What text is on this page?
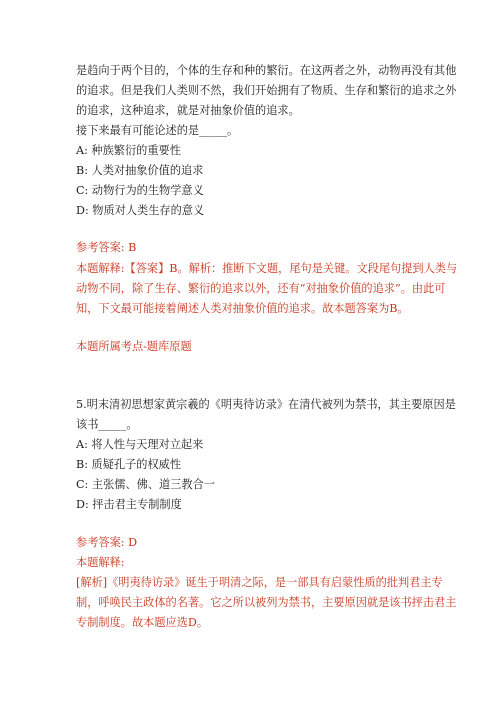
是趋向于两个目的，个体的生存和种的繁衍。在这两者之外，动物再没有其他
的追求。但是我们人类则不然，我们开始拥有了物质、生存和繁衍的追求之外
的追求，这种追求，就是对抽象价值的追求。
接下来最有可能论述的是_____。
A: 种族繁衍的重要性
B: 人类对抽象价值的追求
C: 动物行为的生物学意义
D: 物质对人类生存的意义
参考答案: B
本题解释:【答案】B。解析：推断下文题，尾句是关键。文段尾句提到人类与
动物不同，除了生存、繁衍的追求以外，还有“对抽象价值的追求”。由此可
知，下文最可能接着阐述人类对抽象价值的追求。故本题答案为B。
本题所属考点-题库原题
5.明末清初思想家黄宗羲的《明夷待访录》在清代被列为禁书，其主要原因是
该书_____。
A: 将人性与天理对立起来
B: 质疑孔子的权威性
C: 主张儒、佛、道三教合一
D: 抨击君主专制制度
参考答案: D
本题解释:
[解析]《明夷待访录》诞生于明清之际，是一部具有启蒙性质的批判君主专
制，呼唤民主政体的名著。它之所以被列为禁书，主要原因就是该书抨击君主
专制制度。故本题应选D。
